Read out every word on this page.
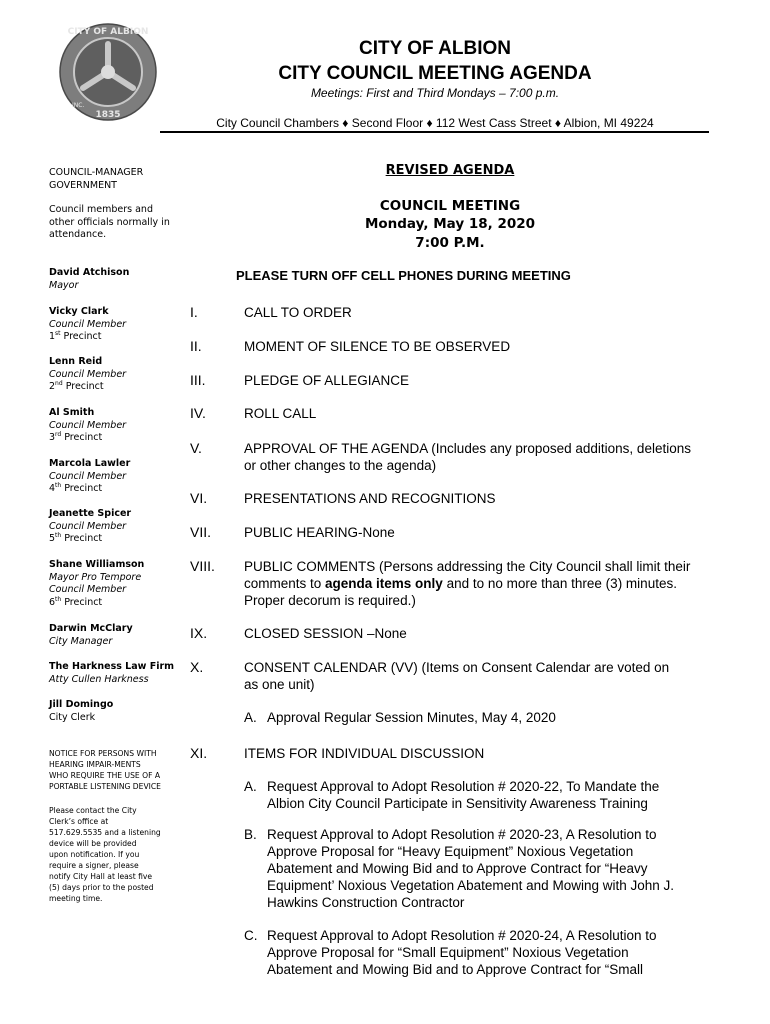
CITY OF ALBION
1835
INC.
CITY OF ALBION
CITY COUNCIL MEETING AGENDA
Meetings: First and Third Mondays – 7:00 p.m.
City Council Chambers ♦ Second Floor ♦ 112 West Cass Street ♦ Albion, MI 49224
COUNCIL-MANAGER
GOVERNMENT
Council members and
other officials normally in
attendance.
David Atchison
Mayor
Vicky Clark
Council Member
1st Precinct
Lenn Reid
Council Member
2nd Precinct
Al Smith
Council Member
3rd Precinct
Marcola Lawler
Council Member
4th Precinct
Jeanette Spicer
Council Member
5th Precinct
Shane Williamson
Mayor Pro Tempore
Council Member
6th Precinct
Darwin McClary
City Manager
The Harkness Law Firm
Atty Cullen Harkness
Jill Domingo
City Clerk
NOTICE FOR PERSONS WITH
HEARING IMPAIR-MENTS
WHO REQUIRE THE USE OF A
PORTABLE LISTENING DEVICE
Please contact the City
Clerk’s office at
517.629.5535 and a listening
device will be provided
upon notification. If you
require a signer, please
notify City Hall at least five
(5) days prior to the posted
meeting time.
REVISED AGENDA
COUNCIL MEETING
Monday, May 18, 2020
7:00 P.M.
PLEASE TURN OFF CELL PHONES DURING MEETING
I.	CALL TO ORDER
II.	MOMENT OF SILENCE TO BE OBSERVED
III.	PLEDGE OF ALLEGIANCE
IV.	ROLL CALL
V.	APPROVAL OF THE AGENDA (Includes any proposed additions, deletions
or other changes to the agenda)
VI.	PRESENTATIONS AND RECOGNITIONS
VII. PUBLIC HEARING-None
VIII. PUBLIC COMMENTS (Persons addressing the City Council shall limit their
comments to agenda items only and to no more than three (3) minutes.
Proper decorum is required.)
IX.	CLOSED SESSION –None
X.	CONSENT CALENDAR (VV) (Items on Consent Calendar are voted on
as one unit)
A. Approval Regular Session Minutes, May 4, 2020
XI.	ITEMS FOR INDIVIDUAL DISCUSSION
A. Request Approval to Adopt Resolution # 2020-22, To Mandate the
Albion City Council Participate in Sensitivity Awareness Training
B. Request Approval to Adopt Resolution # 2020-23, A Resolution to
Approve Proposal for “Heavy Equipment” Noxious Vegetation
Abatement and Mowing Bid and to Approve Contract for “Heavy
Equipment’ Noxious Vegetation Abatement and Mowing with John J.
Hawkins Construction Contractor
C. Request Approval to Adopt Resolution # 2020-24, A Resolution to
Approve Proposal for “Small Equipment” Noxious Vegetation
Abatement and Mowing Bid and to Approve Contract for “Small
